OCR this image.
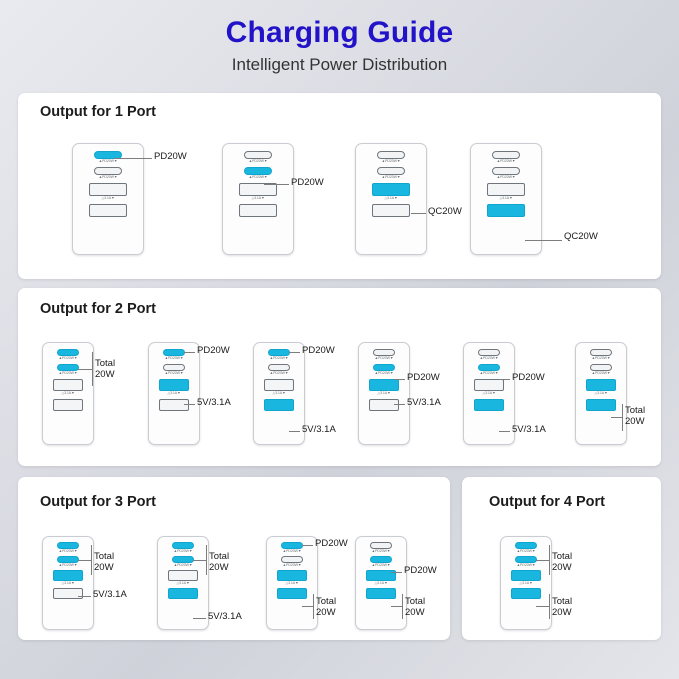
Charging Guide
Intelligent Power Distribution
Output for 1 Port
▲PD20W▼
▲PD20W▼
△3.1A▼
PD20W	▲PD20W▼
▲PD20W▼
△3.1A▼
PD20W
▲PD20W▼
▲PD20W▼
△3.1A▼
QC20W
▲PD20W▼
▲PD20W▼
△3.1A▼
QC20W
Output for 2 Port
▲PD20W▼
▲PD20W▼
△3.1A▼
Total
20W
▲PD20W▼
▲PD20W▼
△3.1A▼
PD20W
5V/3.1A
▲PD20W▼
▲PD20W▼
△3.1A▼
PD20W
5V/3.1A
▲PD20W▼
▲PD20W▼
△3.1A▼
PD20W
5V/3.1A
▲PD20W▼
▲PD20W▼
△3.1A▼
PD20W
5V/3.1A
▲PD20W▼
▲PD20W▼
△3.1A▼
Total
20W
Output for 3 Port
▲PD20W▼
▲PD20W▼
△3.1A▼
Total
20W
5V/3.1A
▲PD20W▼
▲PD20W▼
△3.1A▼
Total
20W
5V/3.1A
▲PD20W▼
▲PD20W▼
△3.1A▼
PD20W
Total
20W
▲PD20W▼
▲PD20W▼
△3.1A▼
PD20W
Total
20W
Output for 4 Port
▲PD20W▼
▲PD20W▼
△3.1A▼
Total
20W
Total
20W
